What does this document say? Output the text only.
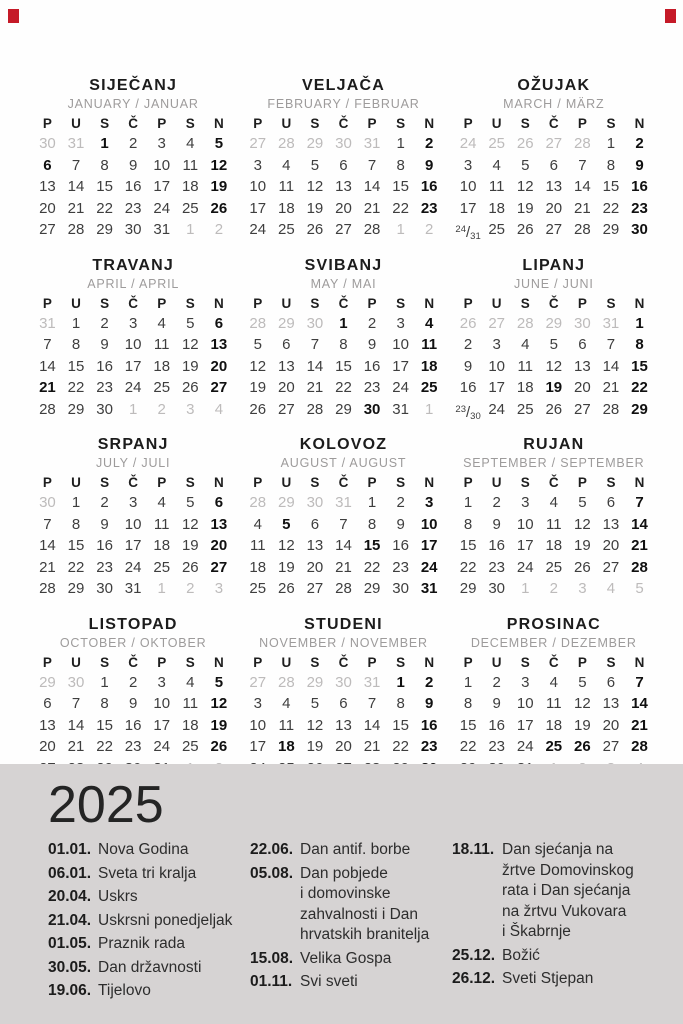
SIJEČANJ
JANUARY / JANUAR
P	U	S	Č	P	S	N
30 31	1	2	3	4	5
6	7	8	9	10 11 12
13 14 15 16 17 18 19
20 21 22 23 24 25 26
27 28 29 30 31	1	2
VELJAČA
FEBRUARY / FEBRUAR
P	U	S	Č	P	S	N
27 28 29 30 31	1	2
3	4	5	6	7	8	9
10 11 12 13 14 15 16
17 18 19 20 21 22 23
24 25 26 27 28	1	2
OŽUJAK
MARCH / MÄRZ
P	U	S	Č	P	S	N
24 25 26 27 28	1	2
3	4	5	6	7	8	9
10 11 12 13 14 15 16
17 18 19 20 21 22 23
$^{24}/_{31}$ 25 26 27 28 29 30
TRAVANJ
APRIL / APRIL
P	U	S	Č	P	S	N
31	1	2	3	4	5	6
7	8	9	10 11 12 13
14 15 16 17 18 19 20
21 22 23 24 25 26 27
28 29 30	1	2	3	4
SVIBANJ
MAY / MAI
P	U	S	Č	P	S	N
28 29 30	1	2	3	4
5	6	7	8	9	10 11
12 13 14 15 16 17 18
19 20 21 22 23 24 25
26 27 28 29 30 31	1
LIPANJ
JUNE / JUNI
P	U	S	Č	P	S	N
26 27 28 29 30 31	1
2	3	4	5	6	7	8
9	10 11 12 13 14 15
16 17 18 19 20 21 22
$^{23}/_{30}$ 24 25 26 27 28 29
SRPANJ
JULY / JULI
P	U	S	Č	P	S	N
30	1	2	3	4	5	6
7	8	9	10 11 12 13
14 15 16 17 18 19 20
21 22 23 24 25 26 27
28 29 30 31	1	2	3
KOLOVOZ
AUGUST / AUGUST
P	U	S	Č	P	S	N
28 29 30 31	1	2	3
4	5	6	7	8	9	10
11 12 13 14 15 16 17
18 19 20 21 22 23 24
25 26 27 28 29 30 31
RUJAN
SEPTEMBER / SEPTEMBER
P	U	S	Č	P	S	N
1	2	3	4	5	6	7
8	9	10 11 12 13 14
15 16 17 18 19 20 21
22 23 24 25 26 27 28
29 30	1	2	3	4	5
LISTOPAD
OCTOBER / OKTOBER
P	U	S	Č	P	S	N
29 30	1	2	3	4	5
6	7	8	9	10 11 12
13 14 15 16 17 18 19
20 21 22 23 24 25 26
STUDENI
NOVEMBER / NOVEMBER
P	U	S	Č	P	S	N
27 28 29 30 31	1	2
3	4	5	6	7	8	9
10 11 12 13 14 15 16
17 18 19 20 21 22 23
PROSINAC
DECEMBER / DEZEMBER
P	U	S	Č	P	S	N
1	2	3	4	5	6	7
8	9	10 11 12 13 14
15 16 17 18 19 20 21
22 23 24 25 26 27 28
2025
01.01. Nova Godina
06.01. Sveta tri kralja
20.04. Uskrs
21.04. Uskrsni ponedjeljak
01.05. Praznik rada
30.05. Dan državnosti
19.06. Tijelovo
22.06. Dan antif. borbe
05.08. Dan pobjede
i domovinske
zahvalnosti i Dan
hrvatskih branitelja
15.08. Velika Gospa
01.11. Svi sveti
18.11. Dan sjećanja na
žrtve Domovinskog
rata i Dan sjećanja
na žrtvu Vukovara
i Škabrnje
25.12. Božić
26.12. Sveti Stjepan
